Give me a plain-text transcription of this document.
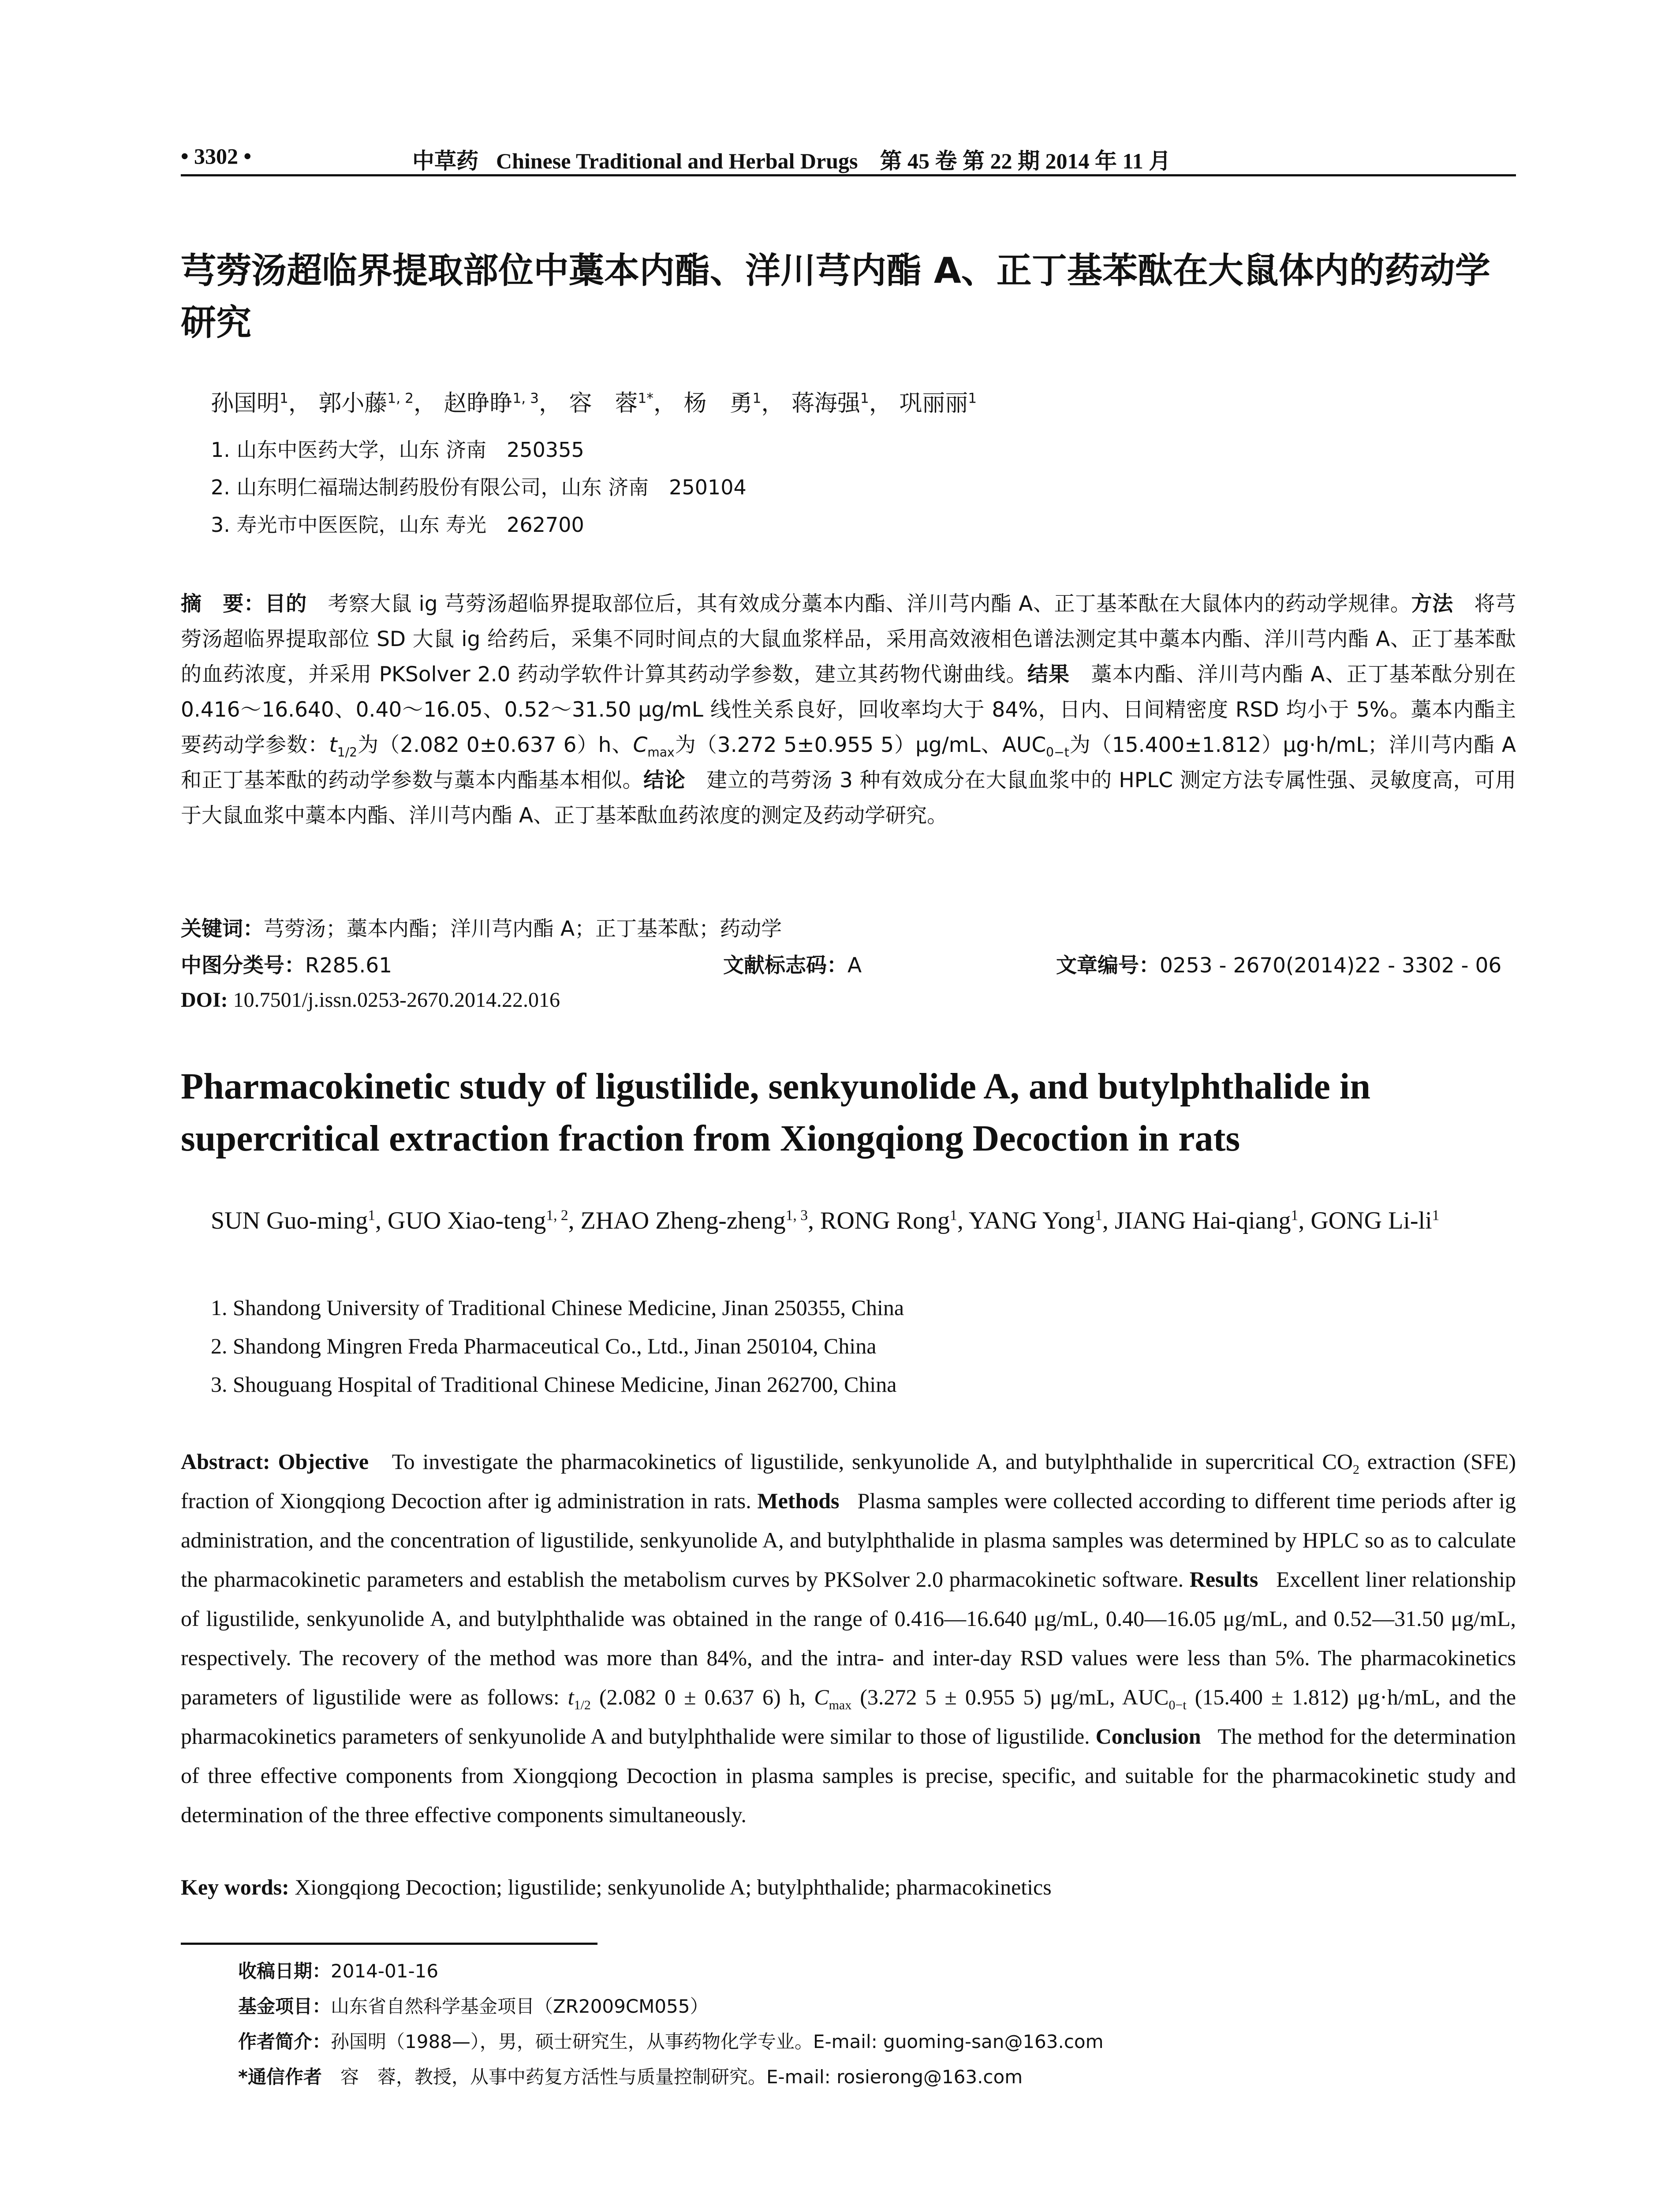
• 3302 •	中草药 Chinese Traditional and Herbal Drugs　第 45 卷 第 22 期 2014 年 11 月
芎䓖汤超临界提取部位中藁本内酯、洋川芎内酯 A、正丁基苯酞在大鼠体内的药动学研究
孙国明$^1$， 郭小藤$^{1, 2}$， 赵睁睁$^{1, 3}$， 容　蓉$^{1*}$， 杨　勇$^1$， 蒋海强$^1$， 巩丽丽$^1$
1. 山东中医药大学，山东 济南　250355
2. 山东明仁福瑞达制药股份有限公司，山东 济南　250104
3. 寿光市中医医院，山东 寿光　262700
摘　要：目的　 考察大鼠 ig 芎䓖汤超临界提取部位后，其有效成分藁本内酯、洋川芎内酯 A、正丁基苯酞在大鼠体内的药动学规律。方法　 将芎䓖汤超临界提取部位 SD 大鼠 ig 给药后，采集不同时间点的大鼠血浆样品，采用高效液相色谱法测定其中藁本内酯、洋川芎内酯 A、正丁基苯酞的血药浓度，并采用 PKSolver 2.0 药动学软件计算其药动学参数，建立其药物代谢曲线。结果　 藁本内酯、洋川芎内酯 A、正丁基苯酞分别在 0.416～16.640、0.40～16.05、0.52～31.50 μg/mL 线性关系良好，回收率均大于 84%，日内、日间精密度 RSD 均小于 5%。藁本内酯主要药动学参数：$t_{1/2}$为（2.082 0±0.637 6）h、$C_{max}$为（3.272 5±0.955 5）μg/mL、$AUC_{0-t}$为（15.400±1.812）μg·h/mL；洋川芎内酯 A 和正丁基苯酞的药动学参数与藁本内酯基本相似。结论　 建立的芎䓖汤 3 种有效成分在大鼠血浆中的 HPLC 测定方法专属性强、灵敏度高，可用于大鼠血浆中藁本内酯、洋川芎内酯 A、正丁基苯酞血药浓度的测定及药动学研究。
关键词：芎䓖汤；藁本内酯；洋川芎内酯 A；正丁基苯酞；药动学
中图分类号：R285.61	文献标志码：A	文章编号：0253 - 2670(2014)22 - 3302 - 06
DOI: 10.7501/j.issn.0253-2670.2014.22.016
Pharmacokinetic study of ligustilide, senkyunolide A, and butylphthalide in supercritical extraction fraction from Xiongqiong Decoction in rats
SUN Guo-ming$^1$, GUO Xiao-teng$^{1, 2}$, ZHAO Zheng-zheng$^{1, 3}$, RONG Rong$^1$, YANG Yong$^1$, JIANG Hai-qiang$^1$, GONG $Li-li^1$
1. Shandong University of Traditional Chinese Medicine, Jinan 250355, China
2. Shandong Mingren Freda Pharmaceutical Co., Ltd., Jinan 250104, China
3. Shouguang Hospital of Traditional Chinese Medicine, Jinan 262700, China
Abstract: Objective To investigate the pharmacokinetics of ligustilide, senkyunolide A, and butylphthalide in supercritical $CO_2$ extraction (SFE) fraction of Xiongqiong Decoction after ig administration in rats. Methods Plasma samples were collected according to different time periods after ig administration, and the concentration of ligustilide, senkyunolide A, and butylphthalide in plasma samples was determined by HPLC so as to calculate the pharmacokinetic parameters and establish the metabolism curves by PKSolver 2.0 pharmacokinetic software. Results Excellent liner relationship of ligustilide, senkyunolide A, and butylphthalide was obtained in the range of 0.416—16.640 μg/mL, 0.40—16.05 μg/mL, and 0.52—31.50 μg/mL, respectively. The recovery of the method was more than 84%, and the intra- and inter-day RSD values were less than 5%. The pharmacokinetics parameters of ligustilide were as follows: $t_{1/2}$ (2.082 0 ± 0.637 6) h, $C_{max}$ (3.272 5 ± 0.955 5) μg/mL, $AUC_{0-t}$ (15.400 ± 1.812) μg·h/mL, and the pharmacokinetics parameters of senkyunolide A and butylphthalide were similar to those of ligustilide. Conclusion The method for the determination of three effective components from Xiongqiong Decoction in plasma samples is precise, specific, and suitable for the pharmacokinetic study and determination of the three effective components simultaneously.
Key words: Xiongqiong Decoction; ligustilide; senkyunolide A; butylphthalide; pharmacokinetics
收稿日期：2014-01-16
基金项目：山东省自然科学基金项目（ZR2009CM055）
作者简介：孙国明（1988—），男，硕士研究生，从事药物化学专业。E-mail: guoming-san@163.com
*通信作者　 容　蓉，教授，从事中药复方活性与质量控制研究。E-mail: rosierong@163.com
